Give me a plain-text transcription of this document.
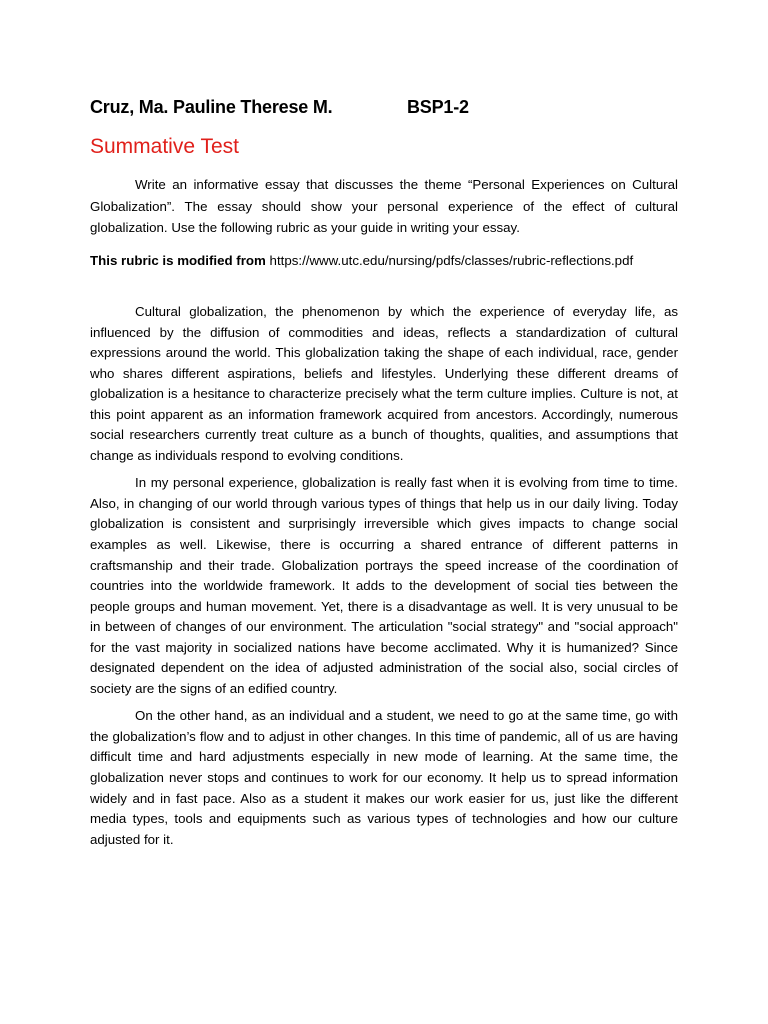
Cruz, Ma. Pauline Therese M.	BSP1-2
Summative Test

Write an informative essay that discusses the theme “Personal Experiences on Cultural Globalization”. The essay should show your personal experience of the effect of cultural globalization. Use the following rubric as your guide in writing your essay.

This rubric is modified from https://www.utc.edu/nursing/pdfs/classes/rubric-reflections.pdf

Cultural globalization, the phenomenon by which the experience of everyday life, as influenced by the diffusion of commodities and ideas, reflects a standardization of cultural expressions around the world. This globalization taking the shape of each individual, race, gender who shares different aspirations, beliefs and lifestyles. Underlying these different dreams of globalization is a hesitance to characterize precisely what the term culture implies. Culture is not, at this point apparent as an information framework acquired from ancestors. Accordingly, numerous social researchers currently treat culture as a bunch of thoughts, qualities, and assumptions that change as individuals respond to evolving conditions.

In my personal experience, globalization is really fast when it is evolving from time to time. Also, in changing of our world through various types of things that help us in our daily living. Today globalization is consistent and surprisingly irreversible which gives impacts to change social examples as well. Likewise, there is occurring a shared entrance of different patterns in craftsmanship and their trade. Globalization portrays the speed increase of the coordination of countries into the worldwide framework. It adds to the development of social ties between the people groups and human movement. Yet, there is a disadvantage as well. It is very unusual to be in between of changes of our environment. The articulation "social strategy" and "social approach" for the vast majority in socialized nations have become acclimated. Why it is humanized? Since designated dependent on the idea of adjusted administration of the social also, social circles of society are the signs of an edified country.

On the other hand, as an individual and a student, we need to go at the same time, go with the globalization’s flow and to adjust in other changes. In this time of pandemic, all of us are having difficult time and hard adjustments especially in new mode of learning. At the same time, the globalization never stops and continues to work for our economy. It help us to spread information widely and in fast pace. Also as a student it makes our work easier for us, just like the different media types, tools and equipments such as various types of technologies and how our culture adjusted for it.
